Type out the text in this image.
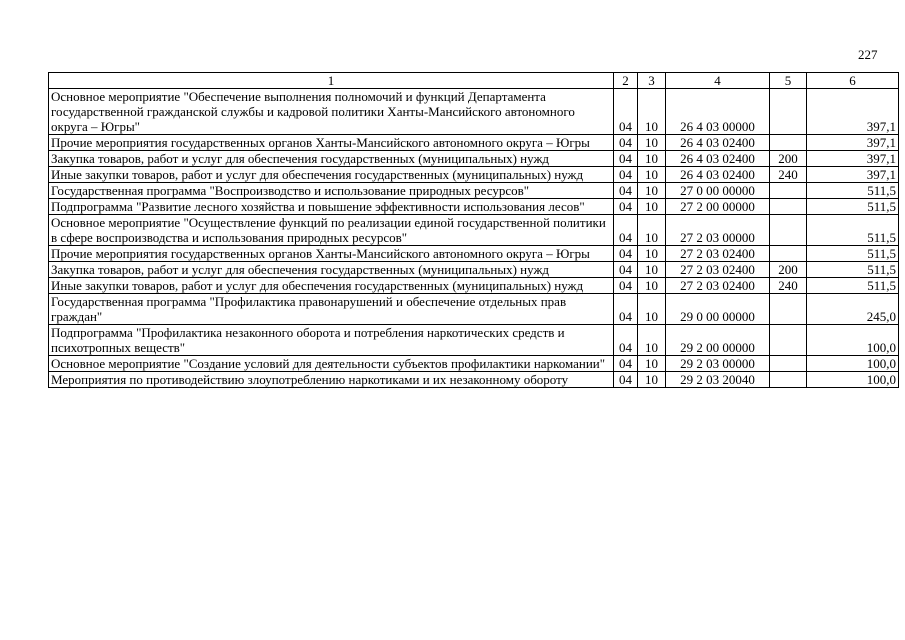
227
1	2	3	4	5	6
Основное мероприятие "Обеспечение выполнения полномочий и функций Департамента государственной гражданской службы и кадровой политики Ханты-Мансийского автономного округа – Югры"	04	10	26 4 03 00000		397,1
Прочие мероприятия государственных органов Ханты-Мансийского автономного округа – Югры	04	10	26 4 03 02400		397,1
Закупка товаров, работ и услуг для обеспечения государственных (муниципальных) нужд	04	10	26 4 03 02400	200	397,1
Иные закупки товаров, работ и услуг для обеспечения государственных (муниципальных) нужд	04	10	26 4 03 02400	240	397,1
Государственная программа "Воспроизводство и использование природных ресурсов"	04	10	27 0 00 00000		511,5
Подпрограмма "Развитие лесного хозяйства и повышение эффективности использования лесов"	04	10	27 2 00 00000		511,5
Основное мероприятие "Осуществление функций по реализации единой государственной политики в сфере воспроизводства и использования природных ресурсов"	04	10	27 2 03 00000		511,5
Прочие мероприятия государственных органов Ханты-Мансийского автономного округа – Югры	04	10	27 2 03 02400		511,5
Закупка товаров, работ и услуг для обеспечения государственных (муниципальных) нужд	04	10	27 2 03 02400	200	511,5
Иные закупки товаров, работ и услуг для обеспечения государственных (муниципальных) нужд	04	10	27 2 03 02400	240	511,5
Государственная программа "Профилактика правонарушений и обеспечение отдельных прав граждан"	04	10	29 0 00 00000		245,0
Подпрограмма "Профилактика незаконного оборота и потребления наркотических средств и психотропных веществ"	04	10	29 2 00 00000		100,0
Основное мероприятие "Создание условий для деятельности субъектов профилактики наркомании"	04	10	29 2 03 00000		100,0
Мероприятия по противодействию злоупотреблению наркотиками и их незаконному обороту	04	10	29 2 03 20040		100,0
